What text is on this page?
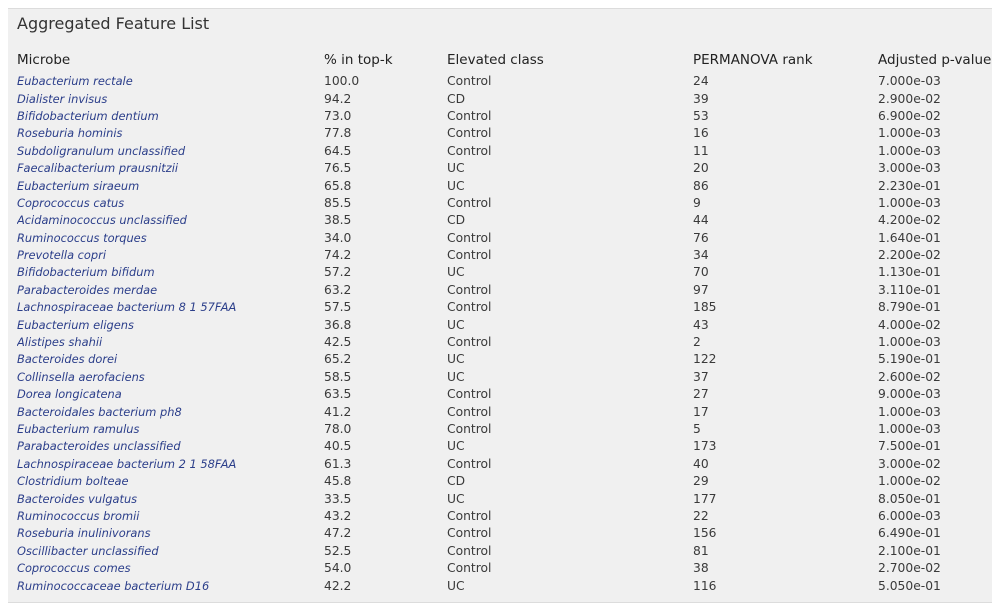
Aggregated Feature List
Microbe	% in top-k	Elevated class	PERMANOVA rank	Adjusted p-value
Eubacterium rectale	100.0	Control	24	7.000e-03
Dialister invisus	94.2	CD	39	2.900e-02
Bifidobacterium dentium	73.0	Control	53	6.900e-02
Roseburia hominis	77.8	Control	16	1.000e-03
Subdoligranulum unclassified	64.5	Control	11	1.000e-03
Faecalibacterium prausnitzii	76.5	UC	20	3.000e-03
Eubacterium siraeum	65.8	UC	86	2.230e-01
Coprococcus catus	85.5	Control	9	1.000e-03
Acidaminococcus unclassified	38.5	CD	44	4.200e-02
Ruminococcus torques	34.0	Control	76	1.640e-01
Prevotella copri	74.2	Control	34	2.200e-02
Bifidobacterium bifidum	57.2	UC	70	1.130e-01
Parabacteroides merdae	63.2	Control	97	3.110e-01
Lachnospiraceae bacterium 8 1 57FAA	57.5	Control	185	8.790e-01
Eubacterium eligens	36.8	UC	43	4.000e-02
Alistipes shahii	42.5	Control	2	1.000e-03
Bacteroides dorei	65.2	UC	122	5.190e-01
Collinsella aerofaciens	58.5	UC	37	2.600e-02
Dorea longicatena	63.5	Control	27	9.000e-03
Bacteroidales bacterium ph8	41.2	Control	17	1.000e-03
Eubacterium ramulus	78.0	Control	5	1.000e-03
Parabacteroides unclassified	40.5	UC	173	7.500e-01
Lachnospiraceae bacterium 2 1 58FAA	61.3	Control	40	3.000e-02
Clostridium bolteae	45.8	CD	29	1.000e-02
Bacteroides vulgatus	33.5	UC	177	8.050e-01
Ruminococcus bromii	43.2	Control	22	6.000e-03
Roseburia inulinivorans	47.2	Control	156	6.490e-01
Oscillibacter unclassified	52.5	Control	81	2.100e-01
Coprococcus comes	54.0	Control	38	2.700e-02
Ruminococcaceae bacterium D16	42.2	UC	116	5.050e-01
